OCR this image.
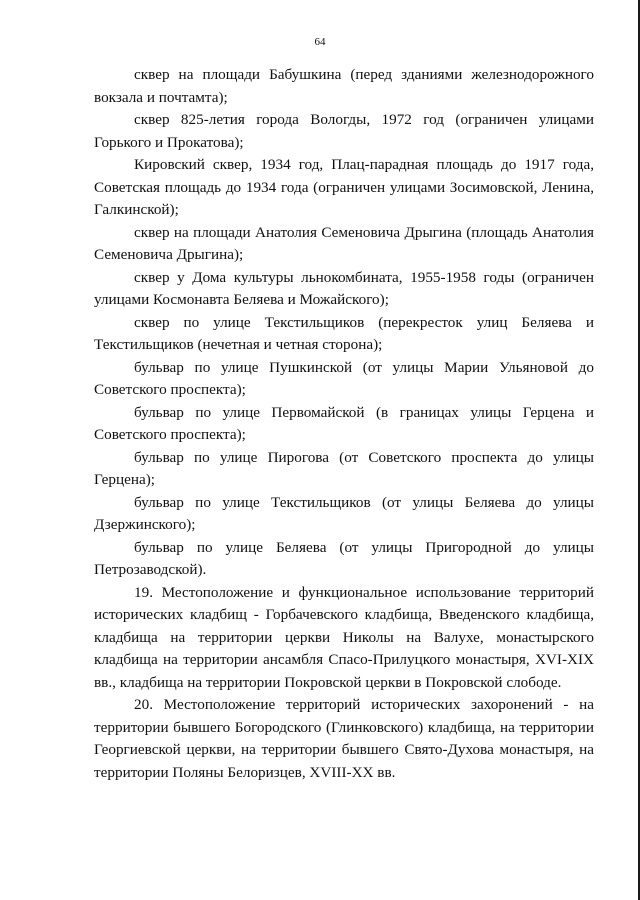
64

сквер на площади Бабушкина (перед зданиями железнодорожного вокзала и почтамта);

сквер 825-летия города Вологды, 1972 год (ограничен улицами Горького и Прокатова);

Кировский сквер, 1934 год, Плац-парадная площадь до 1917 года, Советская площадь до 1934 года (ограничен улицами Зосимовской, Ленина, Галкинской);

сквер на площади Анатолия Семеновича Дрыгина (площадь Анатолия Семеновича Дрыгина);

сквер у Дома культуры льнокомбината, 1955-1958 годы (ограничен улицами Космонавта Беляева и Можайского);

сквер по улице Текстильщиков (перекресток улиц Беляева и Текстильщиков (нечетная и четная сторона);

бульвар по улице Пушкинской (от улицы Марии Ульяновой до Советского проспекта);

бульвар по улице Первомайской (в границах улицы Герцена и Советского проспекта);

бульвар по улице Пирогова (от Советского проспекта до улицы Герцена);

бульвар по улице Текстильщиков (от улицы Беляева до улицы Дзержинского);

бульвар по улице Беляева (от улицы Пригородной до улицы Петрозаводской).

19. Местоположение и функциональное использование территорий исторических кладбищ - Горбачевского кладбища, Введенского кладбища, кладбища на территории церкви Николы на Валухе, монастырского кладбища на территории ансамбля Спасо-Прилуцкого монастыря, XVI-XIX вв., кладбища на территории Покровской церкви в Покровской слободе.

20. Местоположение территорий исторических захоронений - на территории бывшего Богородского (Глинковского) кладбища, на территории Георгиевской церкви, на территории бывшего Свято-Духова монастыря, на территории Поляны Белоризцев, XVIII-XX вв.
